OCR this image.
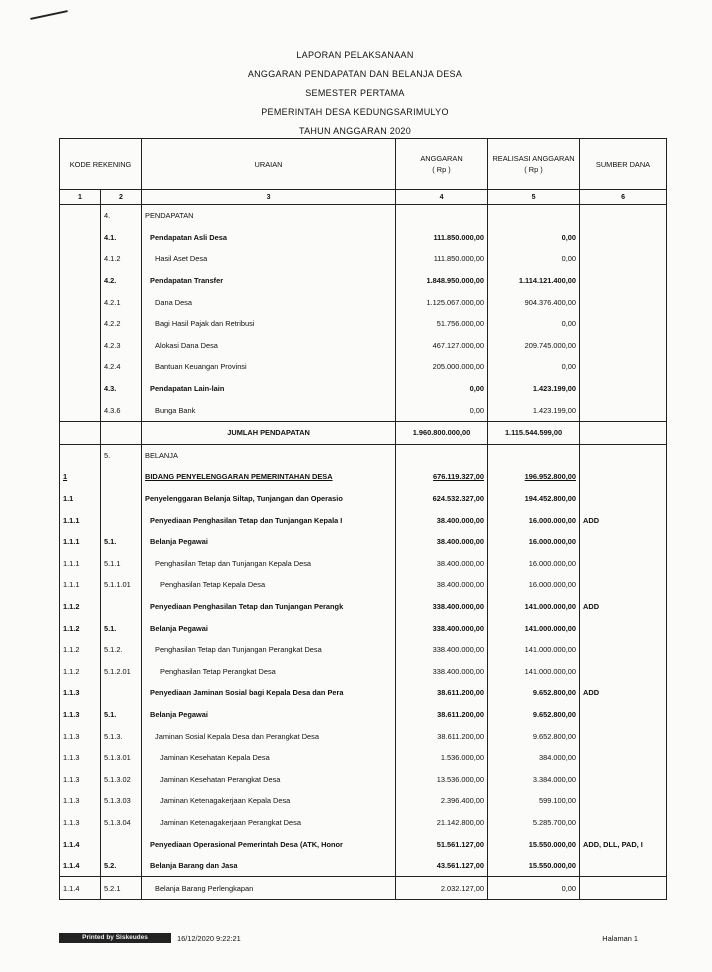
LAPORAN PELAKSANAAN
ANGGARAN PENDAPATAN DAN BELANJA DESA
SEMESTER PERTAMA
PEMERINTAH DESA KEDUNGSARIMULYO
TAHUN ANGGARAN 2020
KODE REKENING		URAIAN	ANGGARAN
( Rp )	REALISASI ANGGARAN
( Rp )	SUMBER DANA
1	2	3	4	5	6
	4.	PENDAPATAN			
	4.1.	Pendapatan Asli Desa	111.850.000,00	0,00	
	4.1.2	Hasil Aset Desa	111.850.000,00	0,00	
	4.2.	Pendapatan Transfer	1.848.950.000,00	1.114.121.400,00	
	4.2.1	Dana Desa	1.125.067.000,00	904.376.400,00	
	4.2.2	Bagi Hasil Pajak dan Retribusi	51.756.000,00	0,00	
	4.2.3	Alokasi Dana Desa	467.127.000,00	209.745.000,00	
	4.2.4	Bantuan Keuangan Provinsi	205.000.000,00	0,00	
	4.3.	Pendapatan Lain-lain	0,00	1.423.199,00	
	4.3.6	Bunga Bank	0,00	1.423.199,00	
		JUMLAH PENDAPATAN	1.960.800.000,00	1.115.544.599,00	
	5.	BELANJA			
1		BIDANG PENYELENGGARAN PEMERINTAHAN DESA	676.119.327,00	196.952.800,00	
1.1		Penyelenggaran Belanja Siltap, Tunjangan dan Operasio	624.532.327,00	194.452.800,00	
1.1.1		Penyediaan Penghasilan Tetap dan Tunjangan Kepala I	38.400.000,00	16.000.000,00	ADD
1.1.1	5.1.	Belanja Pegawai	38.400.000,00	16.000.000,00	
1.1.1	5.1.1	Penghasilan Tetap dan Tunjangan Kepala Desa	38.400.000,00	16.000.000,00	
1.1.1	5.1.1.01	Penghasilan Tetap Kepala Desa	38.400.000,00	16.000.000,00	
1.1.2		Penyediaan Penghasilan Tetap dan Tunjangan Perangk	338.400.000,00	141.000.000,00	ADD
1.1.2	5.1.	Belanja Pegawai	338.400.000,00	141.000.000,00	
1.1.2	5.1.2.	Penghasilan Tetap dan Tunjangan Perangkat Desa	338.400.000,00	141.000.000,00	
1.1.2	5.1.2.01	Penghasilan Tetap Perangkat Desa	338.400.000,00	141.000.000,00	
1.1.3		Penyediaan Jaminan Sosial bagi Kepala Desa dan Pera	38.611.200,00	9.652.800,00	ADD
1.1.3	5.1.	Belanja Pegawai	38.611.200,00	9.652.800,00	
1.1.3	5.1.3.	Jaminan Sosial Kepala Desa dan Perangkat Desa	38.611.200,00	9.652.800,00	
1.1.3	5.1.3.01	Jaminan Kesehatan Kepala Desa	1.536.000,00	384.000,00	
1.1.3	5.1.3.02	Jaminan Kesehatan Perangkat Desa	13.536.000,00	3.384.000,00	
1.1.3	5.1.3.03	Jaminan Ketenagakerjaan Kepala Desa	2.396.400,00	599.100,00	
1.1.3	5.1.3.04	Jaminan Ketenagakerjaan Perangkat Desa	21.142.800,00	5.285.700,00	
1.1.4		Penyediaan Operasional Pemerintah Desa (ATK, Honor	51.561.127,00	15.550.000,00	ADD, DLL, PAD, I
1.1.4	5.2.	Belanja Barang dan Jasa	43.561.127,00	15.550.000,00	
1.1.4	5.2.1	Belanja Barang Perlengkapan	2.032.127,00	0,00	
Printed by Siskeudes	16/12/2020 9:22:21	Halaman 1
